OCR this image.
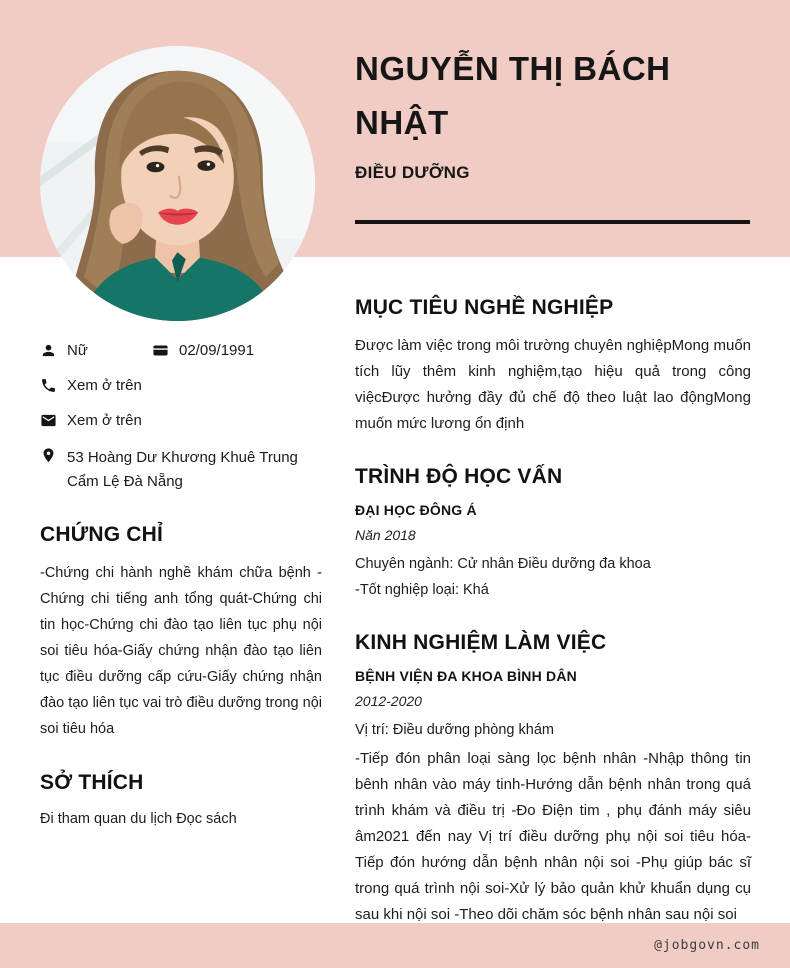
NGUYỄN THỊ BÁCH NHẬT
ĐIỀU DƯỠNG
Nữ	02/09/1991
Xem ở trên
Xem ở trên
53 Hoàng Dư Khương Khuê Trung Cẩm Lệ Đà Nẵng
CHỨNG CHỈ
-Chứng chi hành nghề khám chữa bệnh - Chứng chi tiếng anh tổng quát-Chứng chi tin học-Chứng chi đào tạo liên tục phụ nội soi tiêu hóa-Giấy chứng nhận đào tạo liên tục điều dưỡng cấp cứu-Giấy chứng nhận đào tạo liên tục vai trò điều dưỡng trong nội soi tiêu hóa
SỞ THÍCH
Đi tham quan du lịch Đọc sách
MỤC TIÊU NGHỀ NGHIỆP
Được làm việc trong môi trường chuyên nghiệpMong muốn tích lũy thêm kinh nghiệm,tạo hiệu quả trong công việcĐược hưởng đầy đủ chế độ theo luật lao độngMong muốn mức lương ổn định
TRÌNH ĐỘ HỌC VẤN
ĐẠI HỌC ĐÔNG Á
Năn 2018
Chuyên ngành: Cử nhân Điều dưỡng đa khoa
-Tốt nghiệp loại: Khá
KINH NGHIỆM LÀM VIỆC
BỆNH VIỆN ĐA KHOA BÌNH DÂN
2012-2020
Vị trí: Điều dưỡng phòng khám
-Tiếp đón phân loại sàng lọc bệnh nhân -Nhập thông tin bênh nhân vào máy tinh-Hướng dẫn bệnh nhân trong quá trình khám và điều trị -Đo Điện tim , phụ đánh máy siêu âm2021 đến nay Vị trí điều dưỡng phụ nội soi tiêu hóa-Tiếp đón hướng dẫn bệnh nhân nội soi -Phụ giúp bác sĩ trong quá trình nội soi-Xử lý bảo quản khử khuẩn dụng cụ sau khi nội soi -Theo dõi chăm sóc bệnh nhân sau nội soi
@jobgovn.com
